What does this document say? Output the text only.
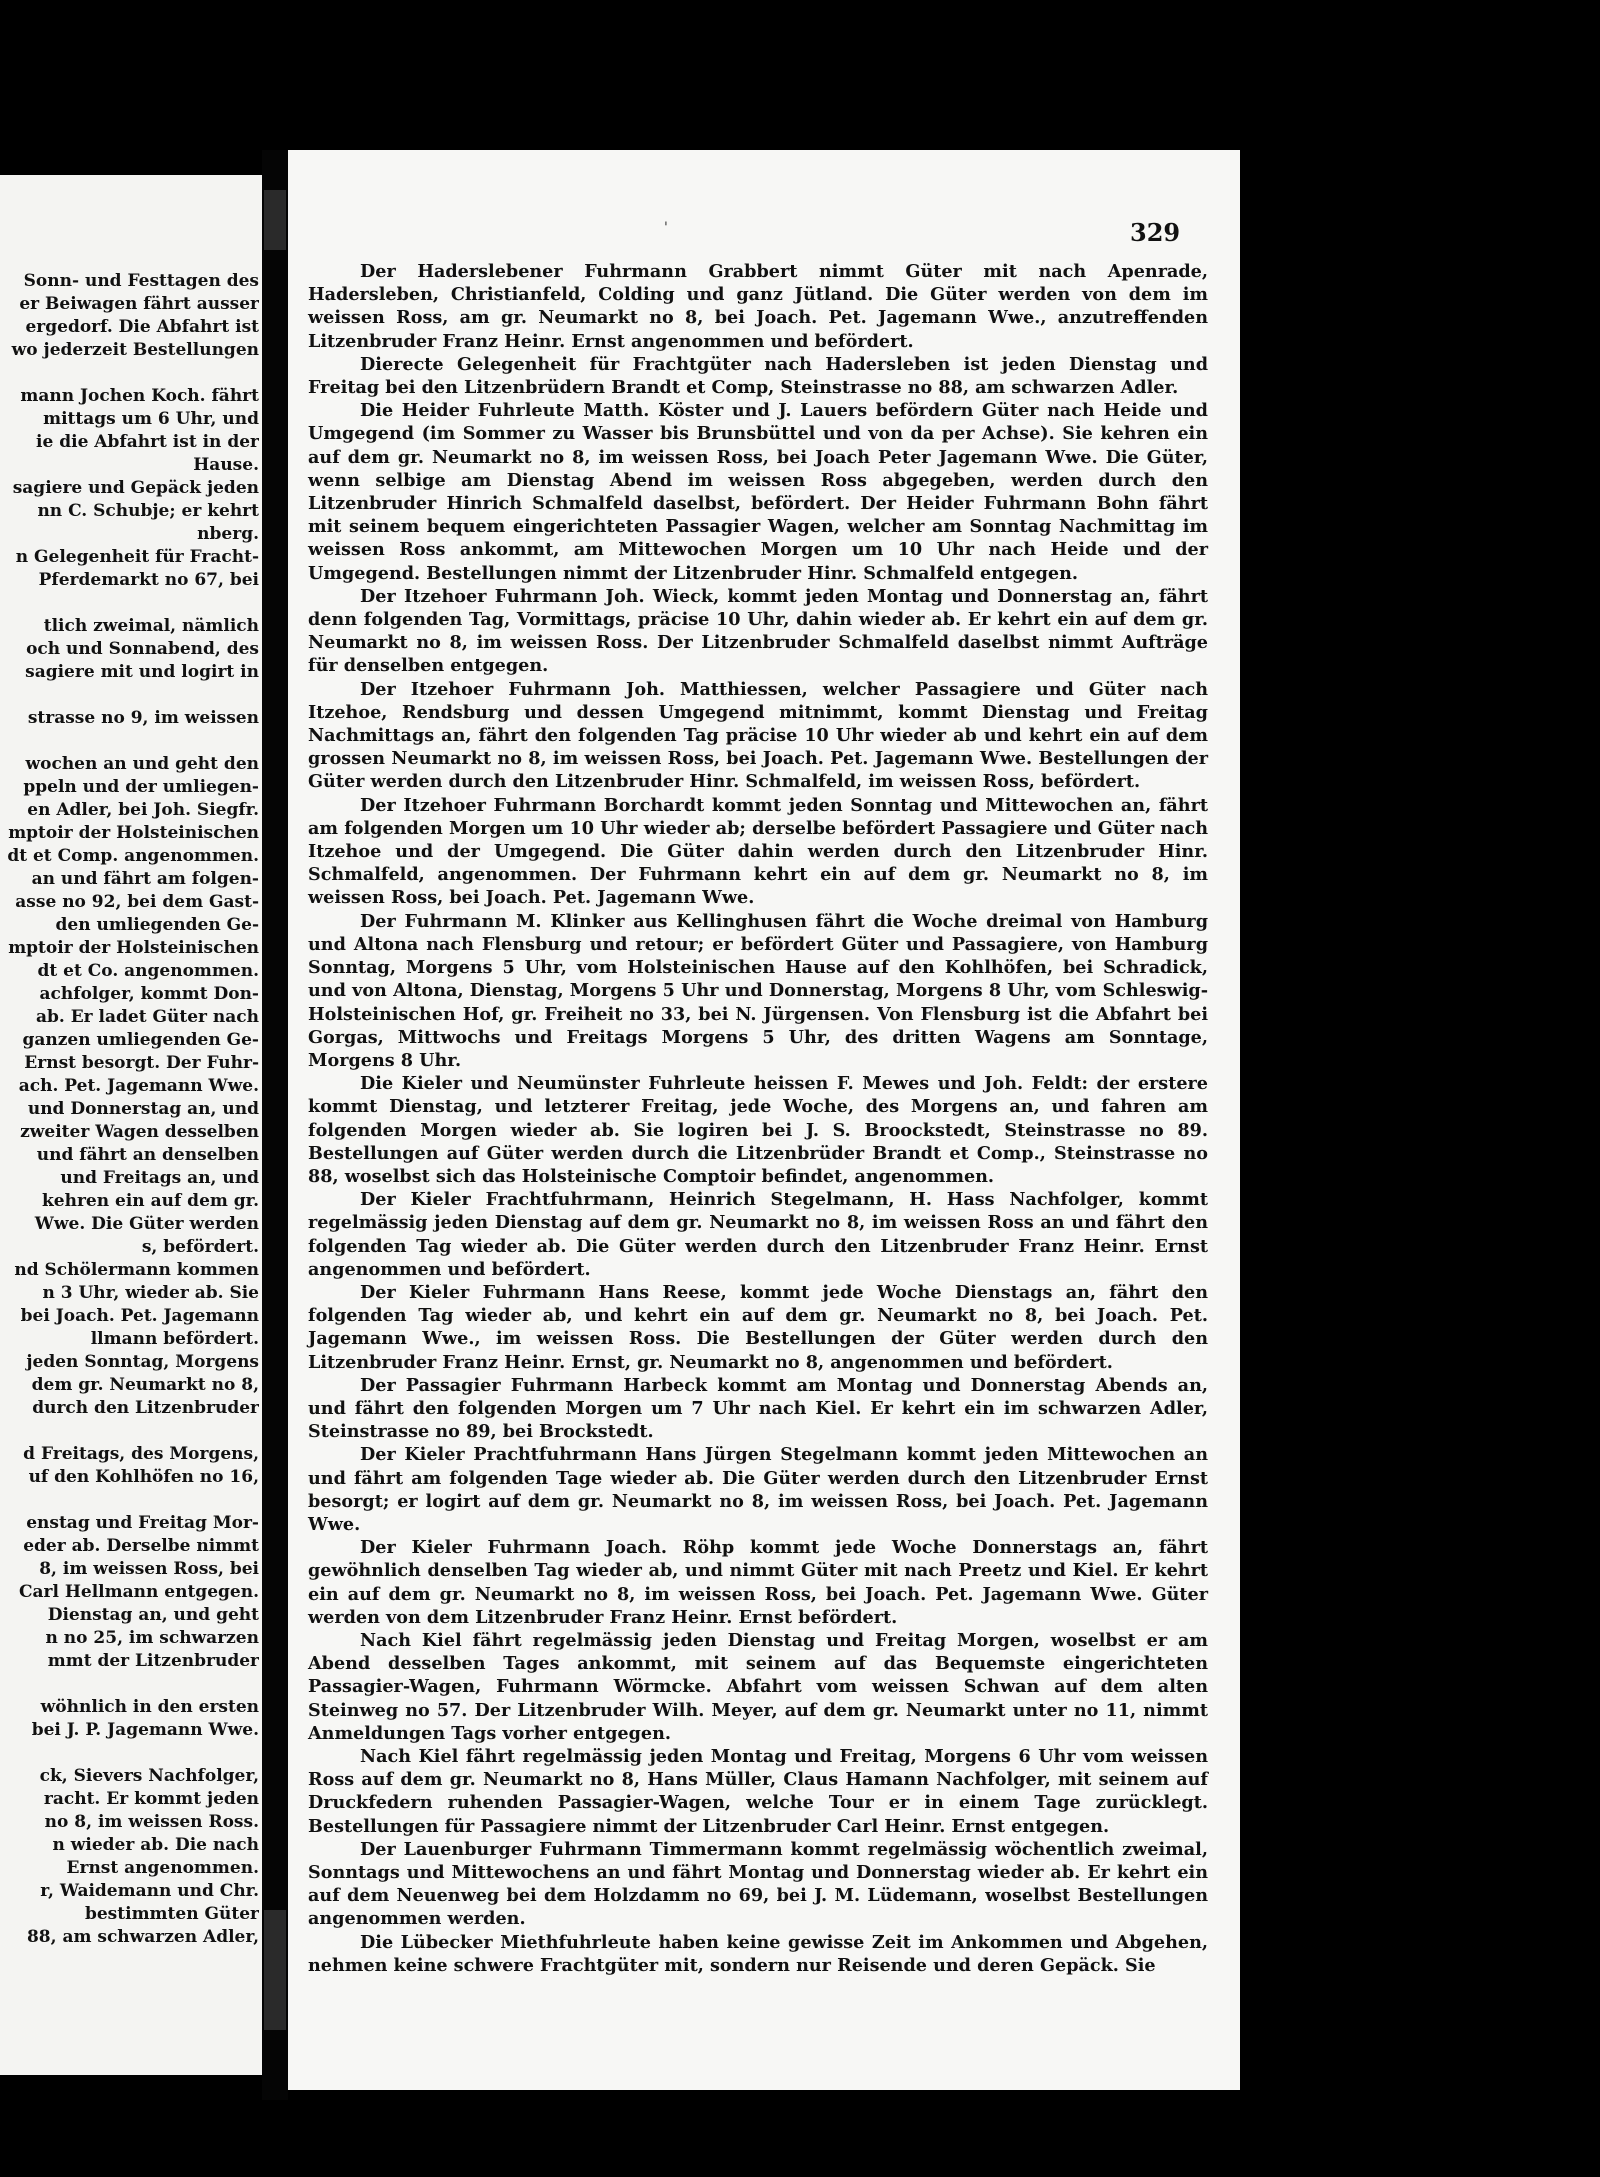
Sonn- und Festtagen des
er Beiwagen fährt ausser
ergedorf. Die Abfahrt ist
wo jederzeit Bestellungen
mann Jochen Koch. fährt
mittags um 6 Uhr, und
ie die Abfahrt ist in der
Hause.
sagiere und Gepäck jeden
nn C. Schubje; er kehrt
nberg.
n Gelegenheit für Fracht-
Pferdemarkt no 67, bei
tlich zweimal, nämlich
och und Sonnabend, des
sagiere mit und logirt in
strasse no 9, im weissen
wochen an und geht den
ppeln und der umliegen-
en Adler, bei Joh. Siegfr.
mptoir der Holsteinischen
dt et Comp. angenommen.
an und fährt am folgen-
asse no 92, bei dem Gast-
den umliegenden Ge-
mptoir der Holsteinischen
dt et Co. angenommen.
achfolger, kommt Don-
ab. Er ladet Güter nach
ganzen umliegenden Ge-
Ernst besorgt. Der Fuhr-
ach. Pet. Jagemann Wwe.
und Donnerstag an, und
zweiter Wagen desselben
und fährt an denselben
und Freitags an, und
kehren ein auf dem gr.
Wwe. Die Güter werden
s, befördert.
nd Schölermann kommen
n 3 Uhr, wieder ab. Sie
bei Joach. Pet. Jagemann
llmann befördert.
jeden Sonntag, Morgens
dem gr. Neumarkt no 8,
durch den Litzenbruder
d Freitags, des Morgens,
uf den Kohlhöfen no 16,
enstag und Freitag Mor-
eder ab. Derselbe nimmt
8, im weissen Ross, bei
Carl Hellmann entgegen.
Dienstag an, und geht
n no 25, im schwarzen
mmt der Litzenbruder
wöhnlich in den ersten
bei J. P. Jagemann Wwe.
ck, Sievers Nachfolger,
racht. Er kommt jeden
no 8, im weissen Ross.
n wieder ab. Die nach
Ernst angenommen.
r, Waidemann und Chr.
bestimmten Güter
88, am schwarzen Adler,
329
'

Der Haderslebener Fuhrmann Grabbert nimmt Güter mit nach Apenrade, Hadersleben, Christianfeld, Colding und ganz Jütland. Die Güter werden von dem im weissen Ross, am gr. Neumarkt no 8, bei Joach. Pet. Jagemann Wwe., anzutreffenden Litzenbruder Franz Heinr. Ernst angenommen und befördert.

Dierecte Gelegenheit für Frachtgüter nach Hadersleben ist jeden Dienstag und Freitag bei den Litzenbrüdern Brandt et Comp, Steinstrasse no 88, am schwarzen Adler.

Die Heider Fuhrleute Matth. Köster und J. Lauers befördern Güter nach Heide und Umgegend (im Sommer zu Wasser bis Brunsbüttel und von da per Achse). Sie kehren ein auf dem gr. Neumarkt no 8, im weissen Ross, bei Joach Peter Jagemann Wwe. Die Güter, wenn selbige am Dienstag Abend im weissen Ross abgegeben, werden durch den Litzenbruder Hinrich Schmalfeld daselbst, befördert. Der Heider Fuhrmann Bohn fährt mit seinem bequem eingerichteten Passagier Wagen, welcher am Sonntag Nachmittag im weissen Ross ankommt, am Mittewochen Morgen um 10 Uhr nach Heide und der Umgegend. Bestellungen nimmt der Litzenbruder Hinr. Schmalfeld entgegen.

Der Itzehoer Fuhrmann Joh. Wieck, kommt jeden Montag und Donnerstag an, fährt denn folgenden Tag, Vormittags, präcise 10 Uhr, dahin wieder ab. Er kehrt ein auf dem gr. Neumarkt no 8, im weissen Ross. Der Litzenbruder Schmalfeld daselbst nimmt Aufträge für denselben entgegen.

Der Itzehoer Fuhrmann Joh. Matthiessen, welcher Passagiere und Güter nach Itzehoe, Rendsburg und dessen Umgegend mitnimmt, kommt Dienstag und Freitag Nachmittags an, fährt den folgenden Tag präcise 10 Uhr wieder ab und kehrt ein auf dem grossen Neumarkt no 8, im weissen Ross, bei Joach. Pet. Jagemann Wwe. Bestellungen der Güter werden durch den Litzenbruder Hinr. Schmalfeld, im weissen Ross, befördert.

Der Itzehoer Fuhrmann Borchardt kommt jeden Sonntag und Mittewochen an, fährt am folgenden Morgen um 10 Uhr wieder ab; derselbe befördert Passagiere und Güter nach Itzehoe und der Umgegend. Die Güter dahin werden durch den Litzenbruder Hinr. Schmalfeld, angenommen. Der Fuhrmann kehrt ein auf dem gr. Neumarkt no 8, im weissen Ross, bei Joach. Pet. Jagemann Wwe.

Der Fuhrmann M. Klinker aus Kellinghusen fährt die Woche dreimal von Hamburg und Altona nach Flensburg und retour; er befördert Güter und Passagiere, von Hamburg Sonntag, Morgens 5 Uhr, vom Holsteinischen Hause auf den Kohlhöfen, bei Schradick, und von Altona, Dienstag, Morgens 5 Uhr und Donnerstag, Morgens 8 Uhr, vom Schleswig-Holsteinischen Hof, gr. Freiheit no 33, bei N. Jürgensen. Von Flensburg ist die Abfahrt bei Gorgas, Mittwochs und Freitags Morgens 5 Uhr, des dritten Wagens am Sonntage, Morgens 8 Uhr.

Die Kieler und Neumünster Fuhrleute heissen F. Mewes und Joh. Feldt: der erstere kommt Dienstag, und letzterer Freitag, jede Woche, des Morgens an, und fahren am folgenden Morgen wieder ab. Sie logiren bei J. S. Broockstedt, Steinstrasse no 89. Bestellungen auf Güter werden durch die Litzenbrüder Brandt et Comp., Steinstrasse no 88, woselbst sich das Holsteinische Comptoir befindet, angenommen.

Der Kieler Frachtfuhrmann, Heinrich Stegelmann, H. Hass Nachfolger, kommt regelmässig jeden Dienstag auf dem gr. Neumarkt no 8, im weissen Ross an und fährt den folgenden Tag wieder ab. Die Güter werden durch den Litzenbruder Franz Heinr. Ernst angenommen und befördert.

Der Kieler Fuhrmann Hans Reese, kommt jede Woche Dienstags an, fährt den folgenden Tag wieder ab, und kehrt ein auf dem gr. Neumarkt no 8, bei Joach. Pet. Jagemann Wwe., im weissen Ross. Die Bestellungen der Güter werden durch den Litzenbruder Franz Heinr. Ernst, gr. Neumarkt no 8, angenommen und befördert.

Der Passagier Fuhrmann Harbeck kommt am Montag und Donnerstag Abends an, und fährt den folgenden Morgen um 7 Uhr nach Kiel. Er kehrt ein im schwarzen Adler, Steinstrasse no 89, bei Brockstedt.

Der Kieler Prachtfuhrmann Hans Jürgen Stegelmann kommt jeden Mittewochen an und fährt am folgenden Tage wieder ab. Die Güter werden durch den Litzenbruder Ernst besorgt; er logirt auf dem gr. Neumarkt no 8, im weissen Ross, bei Joach. Pet. Jagemann Wwe.

Der Kieler Fuhrmann Joach. Röhp kommt jede Woche Donnerstags an, fährt gewöhnlich denselben Tag wieder ab, und nimmt Güter mit nach Preetz und Kiel. Er kehrt ein auf dem gr. Neumarkt no 8, im weissen Ross, bei Joach. Pet. Jagemann Wwe. Güter werden von dem Litzenbruder Franz Heinr. Ernst befördert.

Nach Kiel fährt regelmässig jeden Dienstag und Freitag Morgen, woselbst er am Abend desselben Tages ankommt, mit seinem auf das Bequemste eingerichteten Passagier-Wagen, Fuhrmann Wörmcke. Abfahrt vom weissen Schwan auf dem alten Steinweg no 57. Der Litzenbruder Wilh. Meyer, auf dem gr. Neumarkt unter no 11, nimmt Anmeldungen Tags vorher entgegen.

Nach Kiel fährt regelmässig jeden Montag und Freitag, Morgens 6 Uhr vom weissen Ross auf dem gr. Neumarkt no 8, Hans Müller, Claus Hamann Nachfolger, mit seinem auf Druckfedern ruhenden Passagier-Wagen, welche Tour er in einem Tage zurücklegt. Bestellungen für Passagiere nimmt der Litzenbruder Carl Heinr. Ernst entgegen.

Der Lauenburger Fuhrmann Timmermann kommt regelmässig wöchentlich zweimal, Sonntags und Mittewochens an und fährt Montag und Donnerstag wieder ab. Er kehrt ein auf dem Neuenweg bei dem Holzdamm no 69, bei J. M. Lüdemann, woselbst Bestellungen angenommen werden.

Die Lübecker Miethfuhrleute haben keine gewisse Zeit im Ankommen und Abgehen, nehmen keine schwere Frachtgüter mit, sondern nur Reisende und deren Gepäck. Sie
